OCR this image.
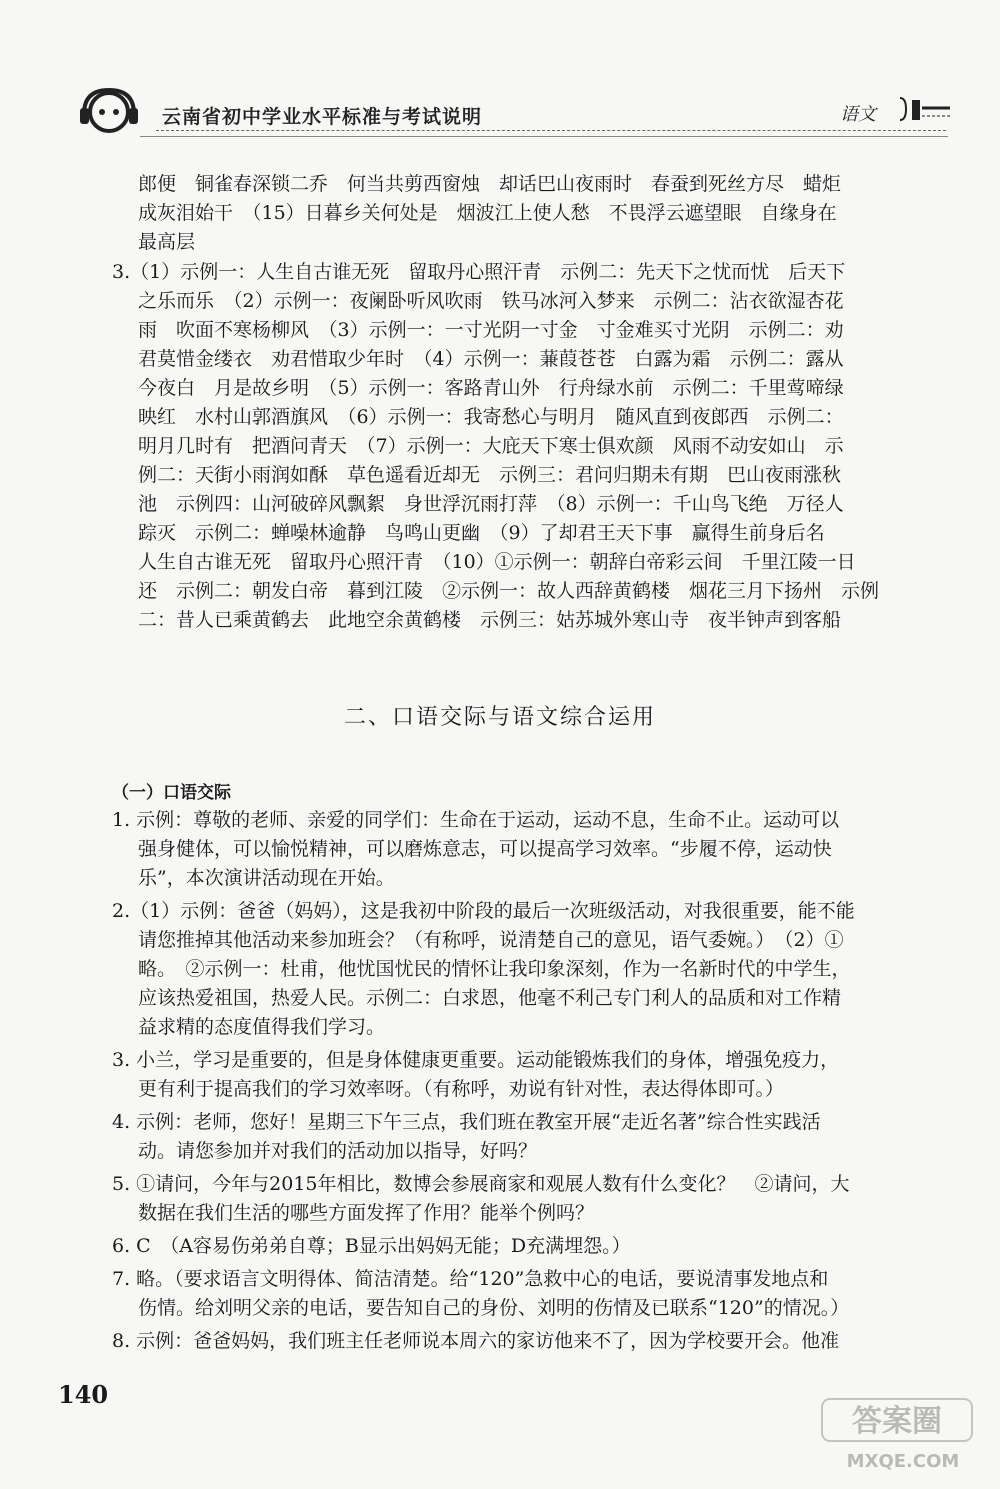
云南省初中学业水平标准与考试说明	语文
郎便　铜雀春深锁二乔　何当共剪西窗烛　却话巴山夜雨时　春蚕到死丝方尽　蜡炬
成灰泪始干　（15）日暮乡关何处是　烟波江上使人愁　不畏浮云遮望眼　自缘身在
最高层
3.（1）示例一：人生自古谁无死　留取丹心照汗青　示例二：先天下之忧而忧　后天下
之乐而乐　（2）示例一：夜阑卧听风吹雨　铁马冰河入梦来　示例二：沾衣欲湿杏花
雨　吹面不寒杨柳风　（3）示例一：一寸光阴一寸金　寸金难买寸光阴　示例二：劝
君莫惜金缕衣　劝君惜取少年时　（4）示例一：蒹葭苍苍　白露为霜　示例二：露从
今夜白　月是故乡明　（5）示例一：客路青山外　行舟绿水前　示例二：千里莺啼绿
映红　水村山郭酒旗风　（6）示例一：我寄愁心与明月　随风直到夜郎西　示例二：
明月几时有　把酒问青天　（7）示例一：大庇天下寒士俱欢颜　风雨不动安如山　示
例二：天街小雨润如酥　草色遥看近却无　示例三：君问归期未有期　巴山夜雨涨秋
池　示例四：山河破碎风飘絮　身世浮沉雨打萍　（8）示例一：千山鸟飞绝　万径人
踪灭　示例二：蝉噪林逾静　鸟鸣山更幽　（9）了却君王天下事　赢得生前身后名
人生自古谁无死　留取丹心照汗青　（10）①示例一：朝辞白帝彩云间　千里江陵一日
还　示例二：朝发白帝　暮到江陵　②示例一：故人西辞黄鹤楼　烟花三月下扬州　示例
二：昔人已乘黄鹤去　此地空余黄鹤楼　示例三：姑苏城外寒山寺　夜半钟声到客船
二、口语交际与语文综合运用
（一）口语交际
1. 示例：尊敬的老师、亲爱的同学们：生命在于运动，运动不息，生命不止。运动可以
强身健体，可以愉悦精神，可以磨炼意志，可以提高学习效率。“步履不停，运动快
乐”，本次演讲活动现在开始。
2.（1）示例：爸爸（妈妈），这是我初中阶段的最后一次班级活动，对我很重要，能不能
请您推掉其他活动来参加班会？（有称呼，说清楚自己的意见，语气委婉。）　（2）①
略。　②示例一：杜甫，他忧国忧民的情怀让我印象深刻，作为一名新时代的中学生，
应该热爱祖国，热爱人民。示例二：白求恩，他毫不利己专门利人的品质和对工作精
益求精的态度值得我们学习。
3. 小兰，学习是重要的，但是身体健康更重要。运动能锻炼我们的身体，增强免疫力，
更有利于提高我们的学习效率呀。（有称呼，劝说有针对性，表达得体即可。）
4. 示例：老师，您好！星期三下午三点，我们班在教室开展“走近名著”综合性实践活
动。请您参加并对我们的活动加以指导，好吗？
5. ①请问，今年与2015年相比，数博会参展商家和观展人数有什么变化？　②请问，大
数据在我们生活的哪些方面发挥了作用？能举个例吗？
6. C　（A容易伤弟弟自尊；B显示出妈妈无能；D充满埋怨。）
7. 略。（要求语言文明得体、简洁清楚。给“120”急救中心的电话，要说清事发地点和
伤情。给刘明父亲的电话，要告知自己的身份、刘明的伤情及已联系“120”的情况。）
8. 示例：爸爸妈妈，我们班主任老师说本周六的家访他来不了，因为学校要开会。他准
140
答案圈
MXQE.COM
